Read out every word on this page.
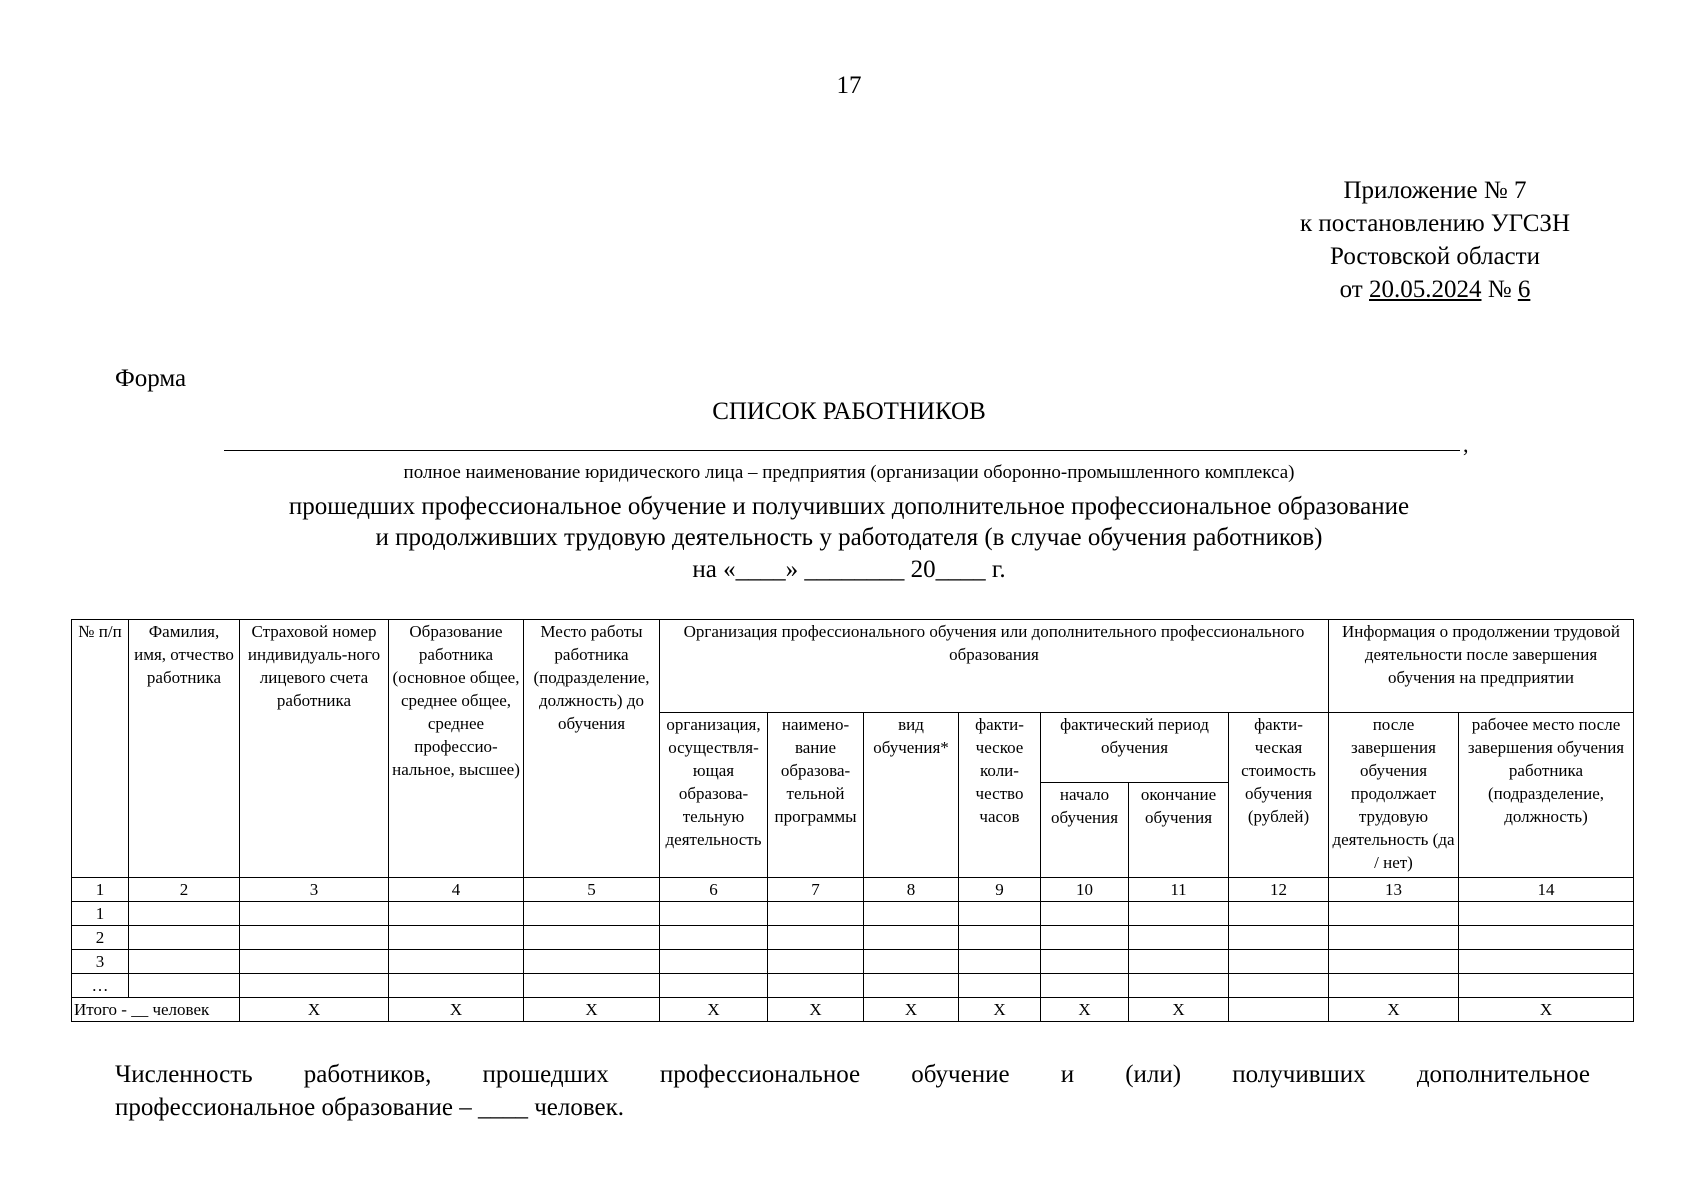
17
Приложение № 7
к постановлению УГСЗН
Ростовской области
от 20.05.2024 № 6
Форма
СПИСОК РАБОТНИКОВ
,
полное наименование юридического лица – предприятия (организации оборонно-промышленного комплекса)
прошедших профессиональное обучение и получивших дополнительное профессиональное образование
и продолживших трудовую деятельность у работодателя (в случае обучения работников)
на «____» ________ 20____ г.
№ п/п	Фамилия, имя, отчество работника	Страховой номер индивидуаль-ного лицевого счета работника	Образование работника (основное общее, среднее общее, среднее профессио-нальное, высшее)	Место работы работника (подразделение, должность) до обучения	Организация профессионального обучения или дополнительного профессионального образования							Информация о продолжении трудовой деятельности после завершения обучения на предприятии	
					организация, осуществля-ющая образова-тельную деятельность	наимено-вание образова-тельной программы	вид обучения*	факти-ческое коли-чество часов	фактический период обучения		факти-ческая стоимость обучения (рублей)	после завершения обучения продолжает трудовую деятельность (да / нет)	рабочее место после завершения обучения работника (подразделение, должность)
									начало обучения	окончание обучения			
1	2	3	4	5	6	7	8	9	10	11	12	13	14
1													
2													
3													
…													
Итого - __ человек		X	X	X	X	X	X	X	X	X		X	X
Численность работников, прошедших профессиональное обучение и (или) получивших дополнительное
профессиональное образование – ____ человек.
